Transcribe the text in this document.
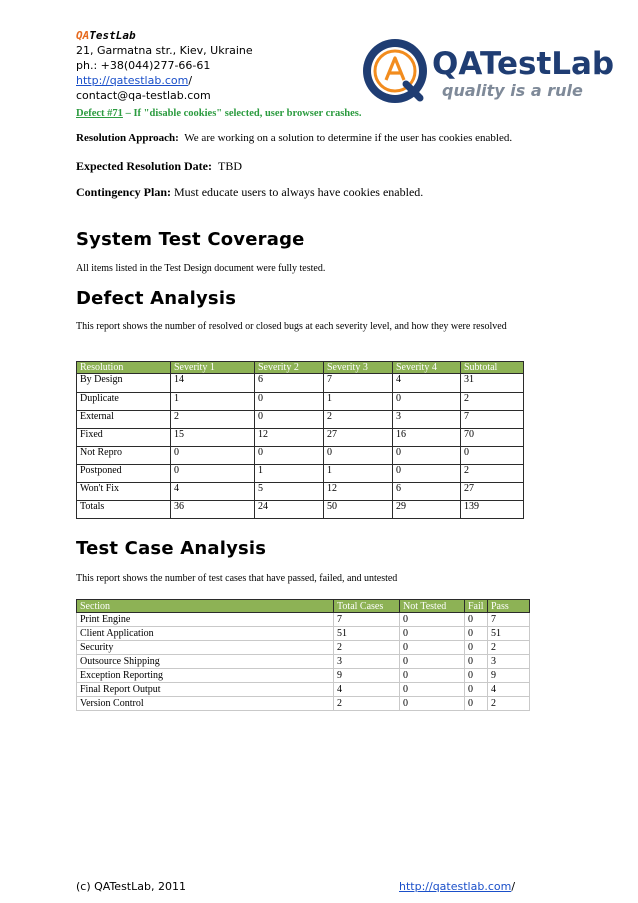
QATestLab
21, Garmatna str., Kiev, Ukraine
ph.: +38(044)277-66-61
http://qatestlab.com/
contact@qa-testlab.com
QATestLab
quality is a rule
Defect #71 – If "disable cookies" selected, user browser crashes.
Resolution Approach: We are working on a solution to determine if the user has cookies enabled.
Expected Resolution Date: TBD
Contingency Plan: Must educate users to always have cookies enabled.
System Test Coverage
All items listed in the Test Design document were fully tested.
Defect Analysis
This report shows the number of resolved or closed bugs at each severity level, and how they were resolved
Resolution	Severity 1	Severity 2	Severity 3	Severity 4	Subtotal
By Design	14	6	7	4	31
Duplicate	1	0	1	0	2
External	2	0	2	3	7
Fixed	15	12	27	16	70
Not Repro	0	0	0	0	0
Postponed	0	1	1	0	2
Won't Fix	4	5	12	6	27
Totals	36	24	50	29	139
Test Case Analysis
This report shows the number of test cases that have passed, failed, and untested
Section	Total Cases	Not Tested	Fail	Pass
Print Engine	7	0	0	7
Client Application	51	0	0	51
Security	2	0	0	2
Outsource Shipping	3	0	0	3
Exception Reporting	9	0	0	9
Final Report Output	4	0	0	4
Version Control	2	0	0	2
(c) QATestLab, 2011	http://qatestlab.com/
